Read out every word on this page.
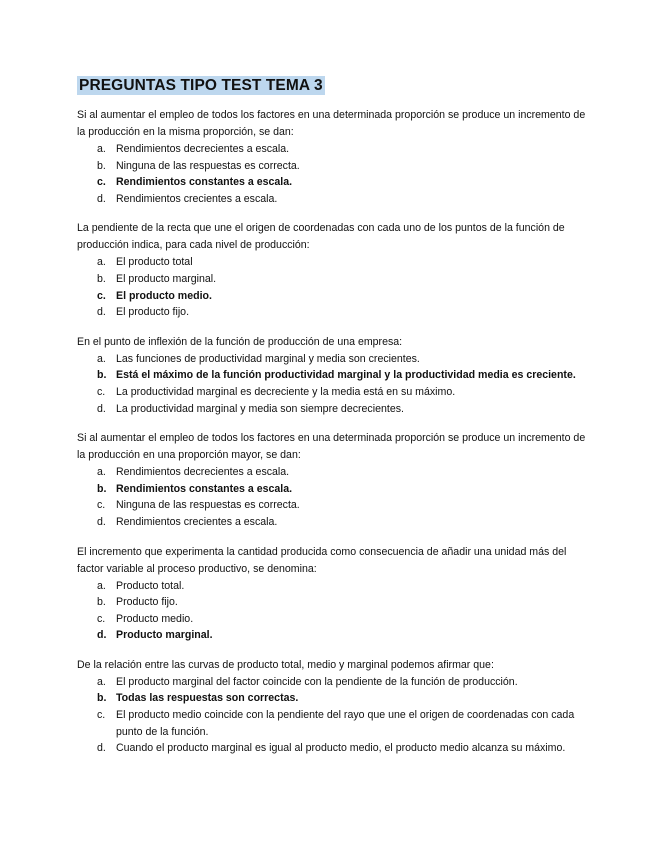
PREGUNTAS TIPO TEST TEMA 3

Si al aumentar el empleo de todos los factores en una determinada proporción se produce un incremento de la producción en la misma proporción, se dan:

a. Rendimientos decrecientes a escala.
b. Ninguna de las respuestas es correcta.
c. Rendimientos constantes a escala.
d. Rendimientos crecientes a escala.

La pendiente de la recta que une el origen de coordenadas con cada uno de los puntos de la función de producción indica, para cada nivel de producción:

a. El producto total
b. El producto marginal.
c. El producto medio.
d. El producto fijo.

En el punto de inflexión de la función de producción de una empresa:

a. Las funciones de productividad marginal y media son crecientes.
b. Está el máximo de la función productividad marginal y la productividad media es creciente.
c.	La productividad marginal es decreciente y la media está en su máximo.
d. La productividad marginal y media son siempre decrecientes.

Si al aumentar el empleo de todos los factores en una determinada proporción se produce un incremento de la producción en una proporción mayor, se dan:

a. Rendimientos decrecientes a escala.
b. Rendimientos constantes a escala.
c.	Ninguna de las respuestas es correcta.
d. Rendimientos crecientes a escala.

El incremento que experimenta la cantidad producida como consecuencia de añadir una unidad más del factor variable al proceso productivo, se denomina:

a. Producto total.
b. Producto fijo.
c.	Producto medio.
d. Producto marginal.

De la relación entre las curvas de producto total, medio y marginal podemos afirmar que:

a. El producto marginal del factor coincide con la pendiente de la función de producción.
b. Todas las respuestas son correctas.
c.	El producto medio coincide con la pendiente del rayo que une el origen de coordenadas con cada punto de la función.
d. Cuando el producto marginal es igual al producto medio, el producto medio alcanza su máximo.
